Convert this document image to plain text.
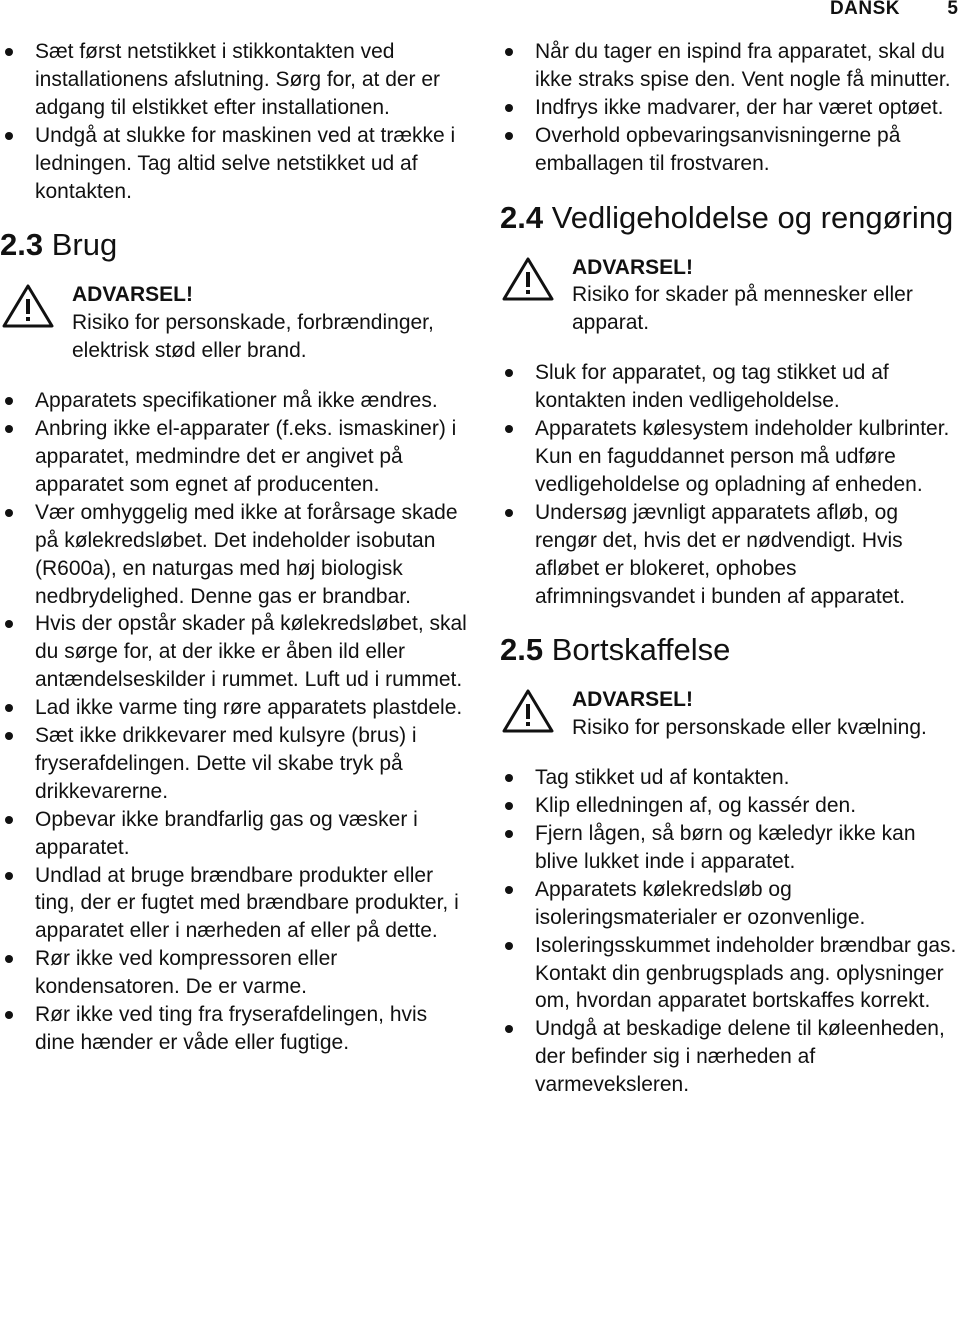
DANSK 5
Sæt først netstikket i stikkontakten ved installationens afslutning. Sørg for, at der er adgang til elstikket efter installationen.
Undgå at slukke for maskinen ved at trække i ledningen. Tag altid selve netstikket ud af kontakten.
2.3 Brug
ADVARSEL!
Risiko for personskade, forbrændinger, elektrisk stød eller brand.
Apparatets specifikationer må ikke ændres.
Anbring ikke el-apparater (f.eks. ismaskiner) i apparatet, medmindre det er angivet på apparatet som egnet af producenten.
Vær omhyggelig med ikke at forårsage skade på kølekredsløbet. Det indeholder isobutan (R600a), en naturgas med høj biologisk nedbrydelighed. Denne gas er brandbar.
Hvis der opstår skader på kølekredsløbet, skal du sørge for, at der ikke er åben ild eller antændelseskilder i rummet. Luft ud i rummet.
Lad ikke varme ting røre apparatets plastdele.
Sæt ikke drikkevarer med kulsyre (brus) i fryserafdelingen. Dette vil skabe tryk på drikkevarerne.
Opbevar ikke brandfarlig gas og væsker i apparatet.
Undlad at bruge brændbare produkter eller ting, der er fugtet med brændbare produkter, i apparatet eller i nærheden af eller på dette.
Rør ikke ved kompressoren eller kondensatoren. De er varme.
Rør ikke ved ting fra fryserafdelingen, hvis dine hænder er våde eller fugtige.
Når du tager en ispind fra apparatet, skal du ikke straks spise den. Vent nogle få minutter.
Indfrys ikke madvarer, der har været optøet.
Overhold opbevaringsanvisningerne på emballagen til frostvaren.
2.4 Vedligeholdelse og rengøring
ADVARSEL!
Risiko for skader på mennesker eller apparat.
Sluk for apparatet, og tag stikket ud af kontakten inden vedligeholdelse.
Apparatets kølesystem indeholder kulbrinter. Kun en faguddannet person må udføre vedligeholdelse og opladning af enheden.
Undersøg jævnligt apparatets afløb, og rengør det, hvis det er nødvendigt. Hvis afløbet er blokeret, ophobes afrimningsvandet i bunden af apparatet.
2.5 Bortskaffelse
ADVARSEL!
Risiko for personskade eller kvælning.
Tag stikket ud af kontakten.
Klip elledningen af, og kassér den.
Fjern lågen, så børn og kæledyr ikke kan blive lukket inde i apparatet.
Apparatets kølekredsløb og isoleringsmaterialer er ozonvenlige.
Isoleringsskummet indeholder brændbar gas. Kontakt din genbrugsplads ang. oplysninger om, hvordan apparatet bortskaffes korrekt.
Undgå at beskadige delene til køleenheden, der befinder sig i nærheden af varmeveksleren.
